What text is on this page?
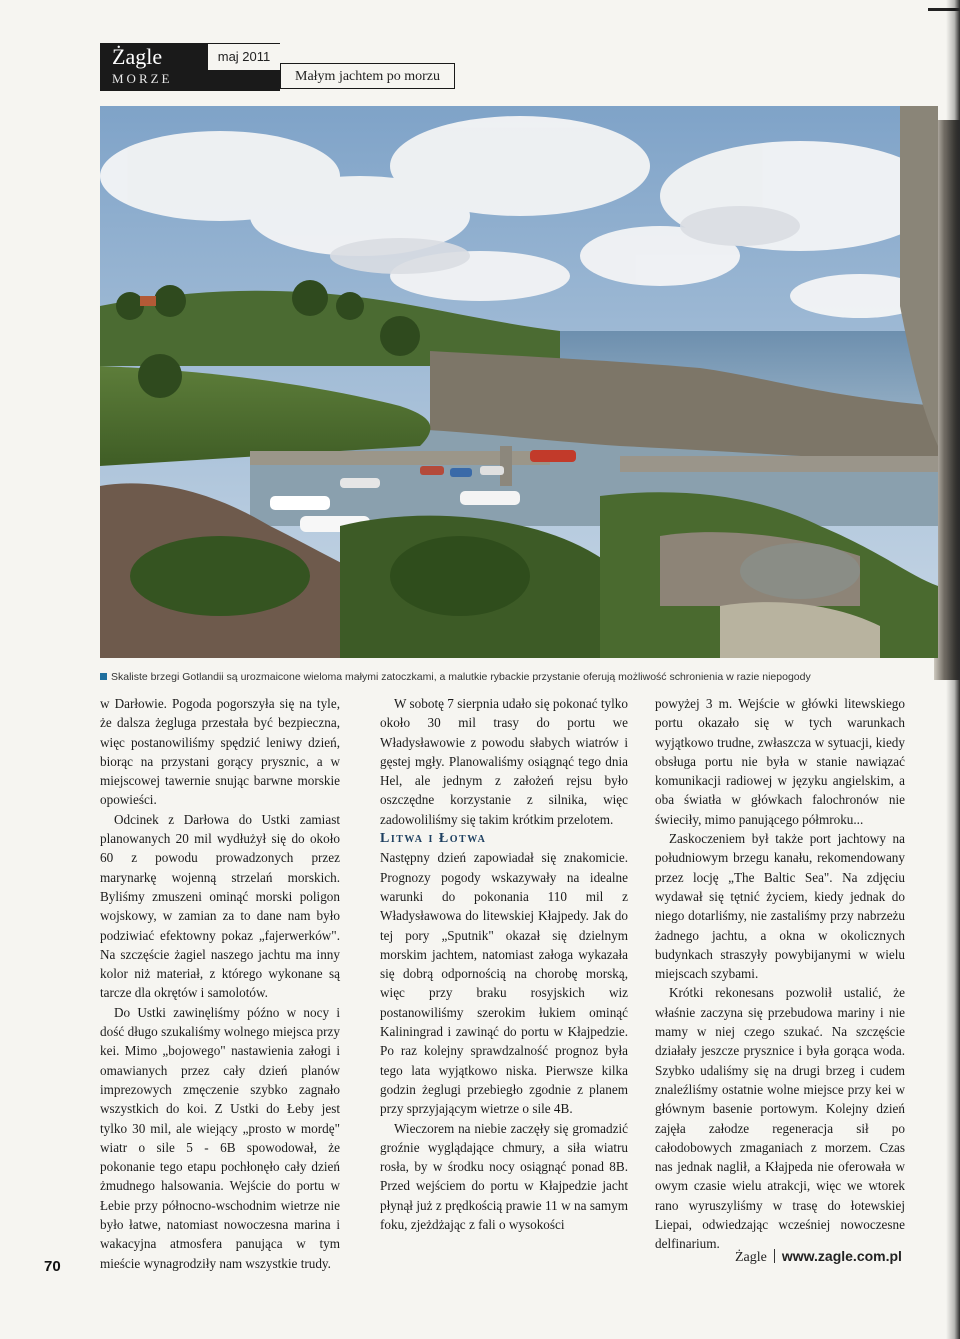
Żagle
MORZE
maj 2011
Małym jachtem po morzu
Skaliste brzegi Gotlandii są urozmaicone wieloma małymi zatoczkami, a malutkie rybackie przystanie oferują możliwość schronienia w razie niepogody

w Darłowie. Pogoda pogorszyła się na tyle, że dalsza żegluga przestała być bezpieczna, więc postanowiliśmy spędzić leniwy dzień, biorąc na przystani gorący prysznic, a w miejscowej tawernie snując barwne morskie opowieści.

Odcinek z Darłowa do Ustki zamiast planowanych 20 mil wydłużył się do około 60 z powodu prowadzonych przez marynarkę wojenną strzelań morskich. Byliśmy zmuszeni ominąć morski poligon wojskowy, w zamian za to dane nam było podziwiać efektowny pokaz „fajerwerków". Na szczęście żagiel naszego jachtu ma inny kolor niż materiał, z którego wykonane są tarcze dla okrętów i samolotów.

Do Ustki zawinęliśmy późno w nocy i dość długo szukaliśmy wolnego miejsca przy kei. Mimo „bojowego" nastawienia załogi i omawianych przez cały dzień planów imprezowych zmęczenie szybko zagnało wszystkich do koi. Z Ustki do Łeby jest tylko 30 mil, ale wiejący „prosto w mordę" wiatr o sile 5 - 6B spowodował, że pokonanie tego etapu pochłonęło cały dzień żmudnego halsowania. Wejście do portu w Łebie przy północno-wschodnim wietrze nie było łatwe, natomiast nowoczesna marina i wakacyjna atmosfera panująca w tym mieście wynagrodziły nam wszystkie trudy.

W sobotę 7 sierpnia udało się pokonać tylko około 30 mil trasy do portu we Władysławowie z powodu słabych wiatrów i gęstej mgły. Planowaliśmy osiągnąć tego dnia Hel, ale jednym z założeń rejsu było oszczędne korzystanie z silnika, więc zadowoliliśmy się takim krótkim przelotem.

Litwa i Łotwa

Następny dzień zapowiadał się znakomicie. Prognozy pogody wskazywały na idealne warunki do pokonania 110 mil z Władysławowa do litewskiej Kłajpedy. Jak do tej pory „Sputnik" okazał się dzielnym morskim jachtem, natomiast załoga wykazała się dobrą odpornością na chorobę morską, więc przy braku rosyjskich wiz postanowiliśmy szerokim łukiem ominąć Kaliningrad i zawinąć do portu w Kłajpedzie. Po raz kolejny sprawdzalność prognoz była tego lata wyjątkowo niska. Pierwsze kilka godzin żeglugi przebiegło zgodnie z planem przy sprzyjającym wietrze o sile 4B.

Wieczorem na niebie zaczęły się gromadzić groźnie wyglądające chmury, a siła wiatru rosła, by w środku nocy osiągnąć ponad 8B. Przed wejściem do portu w Kłajpedzie jacht płynął już z prędkością prawie 11 w na samym foku, zjeżdżając z fali o wysokości

powyżej 3 m. Wejście w główki litewskiego portu okazało się w tych warunkach wyjątkowo trudne, zwłaszcza w sytuacji, kiedy obsługa portu nie była w stanie nawiązać komunikacji radiowej w języku angielskim, a oba światła w główkach falochronów nie świeciły, mimo panującego półmroku...

Zaskoczeniem był także port jachtowy na południowym brzegu kanału, rekomendowany przez locję „The Baltic Sea". Na zdjęciu wydawał się tętnić życiem, kiedy jednak do niego dotarliśmy, nie zastaliśmy przy nabrzeżu żadnego jachtu, a okna w okolicznych budynkach straszyły powybijanymi w wielu miejscach szybami.

Krótki rekonesans pozwolił ustalić, że właśnie zaczyna się przebudowa mariny i nie mamy w niej czego szukać. Na szczęście działały jeszcze prysznice i była gorąca woda. Szybko udaliśmy się na drugi brzeg i cudem znaleźliśmy ostatnie wolne miejsce przy kei w głównym basenie portowym. Kolejny dzień zajęła załodze regeneracja sił po całodobowych zmaganiach z morzem. Czas nas jednak naglił, a Kłajpeda nie oferowała w owym czasie wielu atrakcji, więc we wtorek rano wyruszyliśmy w trasę do łotewskiej Liepai, odwiedzając wcześniej nowoczesne delfinarium.

70
Żagle www.zagle.com.pl
